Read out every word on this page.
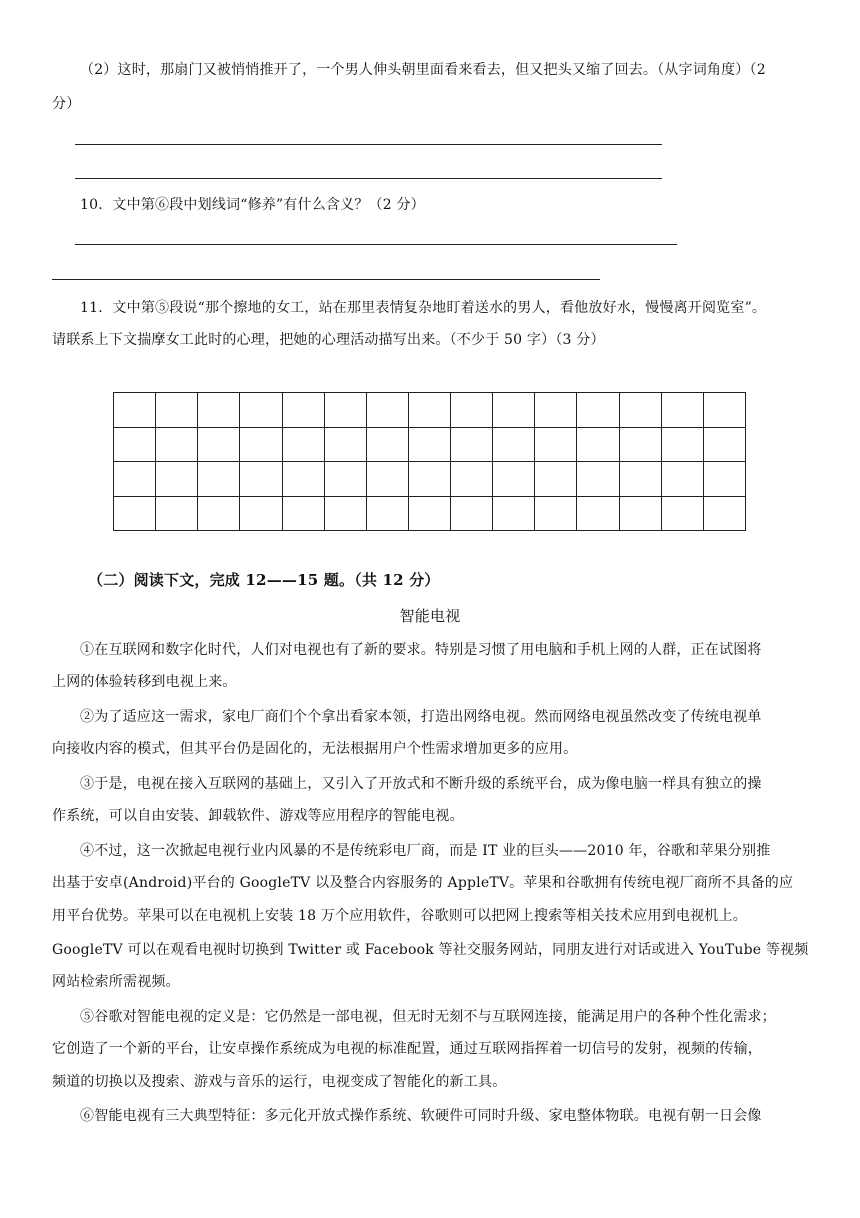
（2）这时，那扇门又被悄悄推开了，一个男人伸头朝里面看来看去，但又把头又缩了回去。（从字词角度）（2
分）
10．文中第⑥段中划线词“修养”有什么含义？（2 分）
11．文中第⑤段说“那个擦地的女工，站在那里表情复杂地盯着送水的男人，看他放好水，慢慢离开阅览室”。
请联系上下文揣摩女工此时的心理，把她的心理活动描写出来。（不少于 50 字）（3 分）

（二）阅读下文，完成 12——15 题。（共 12 分）
智能电视
①在互联网和数字化时代，人们对电视也有了新的要求。特别是习惯了用电脑和手机上网的人群，正在试图将
上网的体验转移到电视上来。
②为了适应这一需求，家电厂商们个个拿出看家本领，打造出网络电视。然而网络电视虽然改变了传统电视单
向接收内容的模式，但其平台仍是固化的，无法根据用户个性需求增加更多的应用。
③于是，电视在接入互联网的基础上，又引入了开放式和不断升级的系统平台，成为像电脑一样具有独立的操
作系统，可以自由安装、卸载软件、游戏等应用程序的智能电视。
④不过，这一次掀起电视行业内风暴的不是传统彩电厂商，而是 IT 业的巨头——2010 年，谷歌和苹果分别推
出基于安卓(Android)平台的 GoogleTV 以及整合内容服务的 AppleTV。苹果和谷歌拥有传统电视厂商所不具备的应
用平台优势。苹果可以在电视机上安装 18 万个应用软件，谷歌则可以把网上搜索等相关技术应用到电视机上。
GoogleTV 可以在观看电视时切换到 Twitter 或 Facebook 等社交服务网站，同朋友进行对话或进入 YouTube 等视频
网站检索所需视频。
⑤谷歌对智能电视的定义是：它仍然是一部电视，但无时无刻不与互联网连接，能满足用户的各种个性化需求；
它创造了一个新的平台，让安卓操作系统成为电视的标准配置，通过互联网指挥着一切信号的发射，视频的传输，
频道的切换以及搜索、游戏与音乐的运行，电视变成了智能化的新工具。
⑥智能电视有三大典型特征：多元化开放式操作系统、软硬件可同时升级、家电整体物联。电视有朝一日会像
